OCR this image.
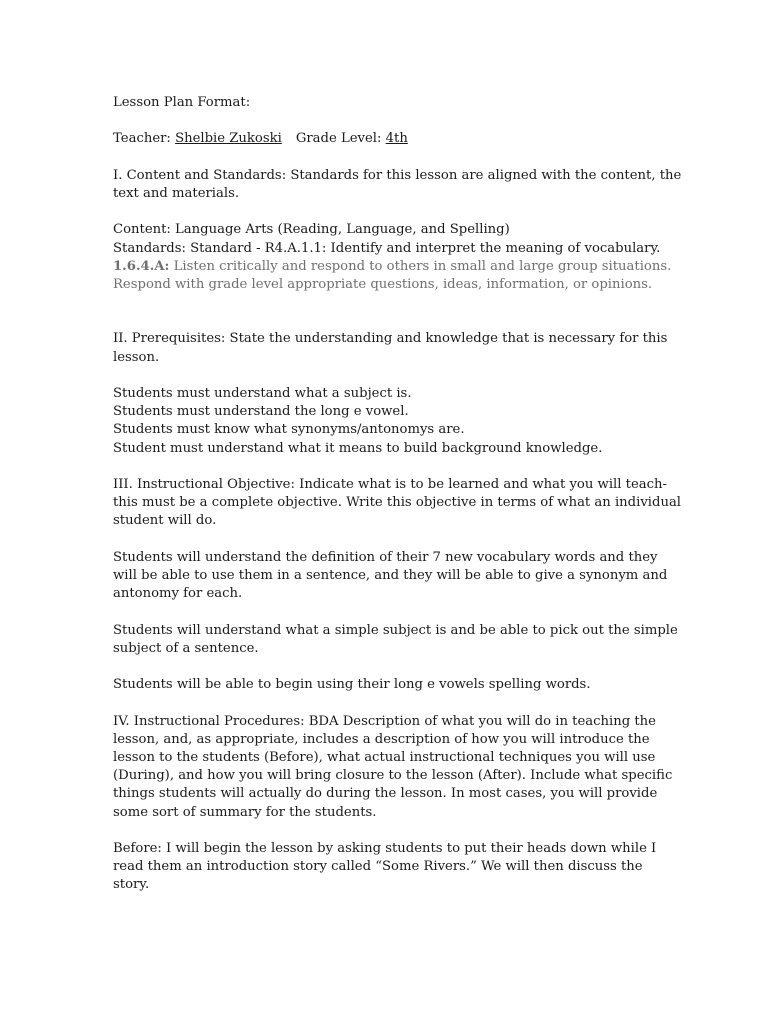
Lesson Plan Format:

Teacher: Shelbie Zukoski Grade Level: 4th

I. Content and Standards: Standards for this lesson are aligned with the content, the
text and materials.

Content: Language Arts (Reading, Language, and Spelling)
Standards: Standard - R4.A.1.1: Identify and interpret the meaning of vocabulary.
1.6.4.A: Listen critically and respond to others in small and large group situations.
Respond with grade level appropriate questions, ideas, information, or opinions.

II. Prerequisites: State the understanding and knowledge that is necessary for this
lesson.

Students must understand what a subject is.
Students must understand the long e vowel.
Students must know what synonyms/antonomys are.
Student must understand what it means to build background knowledge.

III. Instructional Objective: Indicate what is to be learned and what you will teach-
this must be a complete objective. Write this objective in terms of what an individual
student will do.

Students will understand the definition of their 7 new vocabulary words and they
will be able to use them in a sentence, and they will be able to give a synonym and
antonomy for each.

Students will understand what a simple subject is and be able to pick out the simple
subject of a sentence.

Students will be able to begin using their long e vowels spelling words.

IV. Instructional Procedures: BDA Description of what you will do in teaching the
lesson, and, as appropriate, includes a description of how you will introduce the
lesson to the students (Before), what actual instructional techniques you will use
(During), and how you will bring closure to the lesson (After). Include what specific
things students will actually do during the lesson. In most cases, you will provide
some sort of summary for the students.

Before: I will begin the lesson by asking students to put their heads down while I
read them an introduction story called “Some Rivers.” We will then discuss the
story.
